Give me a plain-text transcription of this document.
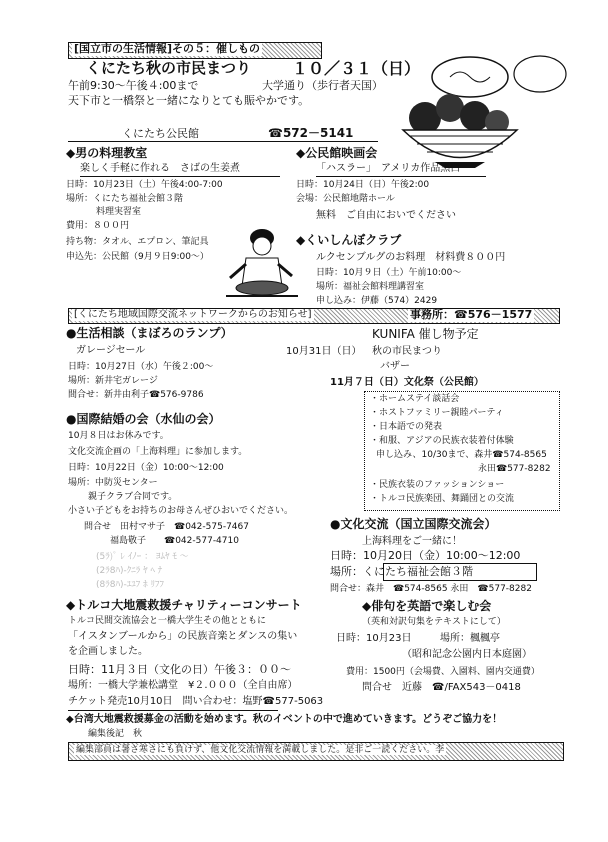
[国立市の生活情報]その５：催しもの
くにたち秋の市民まつり	１０／３１（日）
午前9:30～午後４:00まで	大学通り（歩行者天国）
天下市と一橋祭と一緒になりとても賑やかです。
くにたち公民館	☎572－5141
◆男の料理教室
楽しく手軽に作れる　さばの生姜煮
日時：10月23日（土）午後4:00-7:00
場所：くにたち福祉会館３階
料理実習室
費用：８００円
持ち物：タオル、エプロン、筆記具
申込先：公民館（9月９日9:00～）
◆公民館映画会
「ハスラー」　アメリカ作品黒白
日時：10月24日（日）午後2:00
会場：公民館地階ホール
無料　ご自由においでください
◆くいしんぼクラブ
ルクセンブルグのお料理　材料費８００円
日時：10月９日（土）午前10:00～
場所：福祉会館料理講習室
申し込み：伊藤（574）2429
[くにたち地域国際交流ネットワークからのお知らせ]	事務所：☎576－1577
●生活相談（まぼろのランプ）
ガレージセール
日時：10月27日（水）午後２:00～
場所：新井宅ガレージ
間合せ：新井由利子☎576-9786
KUNIFA 催し物予定
10月31日（日） 秋の市民まつり
バザー
11月７日（日）文化祭（公民館）
・ホームステイ談話会
・ホストファミリー親睦パーティ
・日本語での発表
・和服、アジアの民族衣装着付体験
申し込み、10/30まで、森井☎574-8565
永田☎577-8282
・民族衣装のファッションショー
・トルコ民族楽団、舞踊団との交流
●国際結婚の会（水仙の会）
10月８日はお休みです。
文化交流企画の「上海料理」に参加します。
日時：10月22日（金）10:00～12:00
場所：中防災センター
親子クラブ合同です。
小さい子どもをお持ちのお母さんぜひおいでください。
問合せ　田村マサ子　☎042-575-7467
福島敬子　　☎042-577-4710
(5ﾗ)ﾟ ﾚ ｲﾉｰ ： ﾖﾑﾔ ﾓ ～
(2ﾗ8ﾊ)-ｸﾆﾗ ﾔ ﾍ ﾅ
(8ﾗ8ﾊ)-ﾕﾕﾌ ﾎ ﾘﾌﾌ
●文化交流（国立国際交流会）
上海料理をご一緒に！
日時：10月20日（金）10:00～12:00
場所：くにたち福祉会館３階
問合せ：森井　☎574-8565 永田　☎577-8282
◆トルコ大地震救援チャリティーコンサート
トルコ民間交流協会と一橋大学生その他とともに
「イスタンブールから」の民族音楽とダンスの集い
を企画しました。
日時：11月３日（文化の日）午後３：００～
場所：一橋大学兼松講堂　¥２.０００（全自由席）
チケット発売10月10日　問い合わせ：塩野☎577-5063
◆俳句を英語で楽しむ会
（英和対訳句集をテキストにして）
日時：10月23日	場所：楓楓亭
（昭和記念公園内日本庭園）
費用：1500円（会場費、入園料、園内交通費）
問合せ　近藤　☎/FAX543－0418
◆台湾大地震救援募金の活動を始めます。秋のイベントの中で進めていきます。どうぞご協力を！
編集後記　秋
編集部員は暑さ寒さにも負けず、他文化交流情報を満載しました。是非ご一読ください。李
